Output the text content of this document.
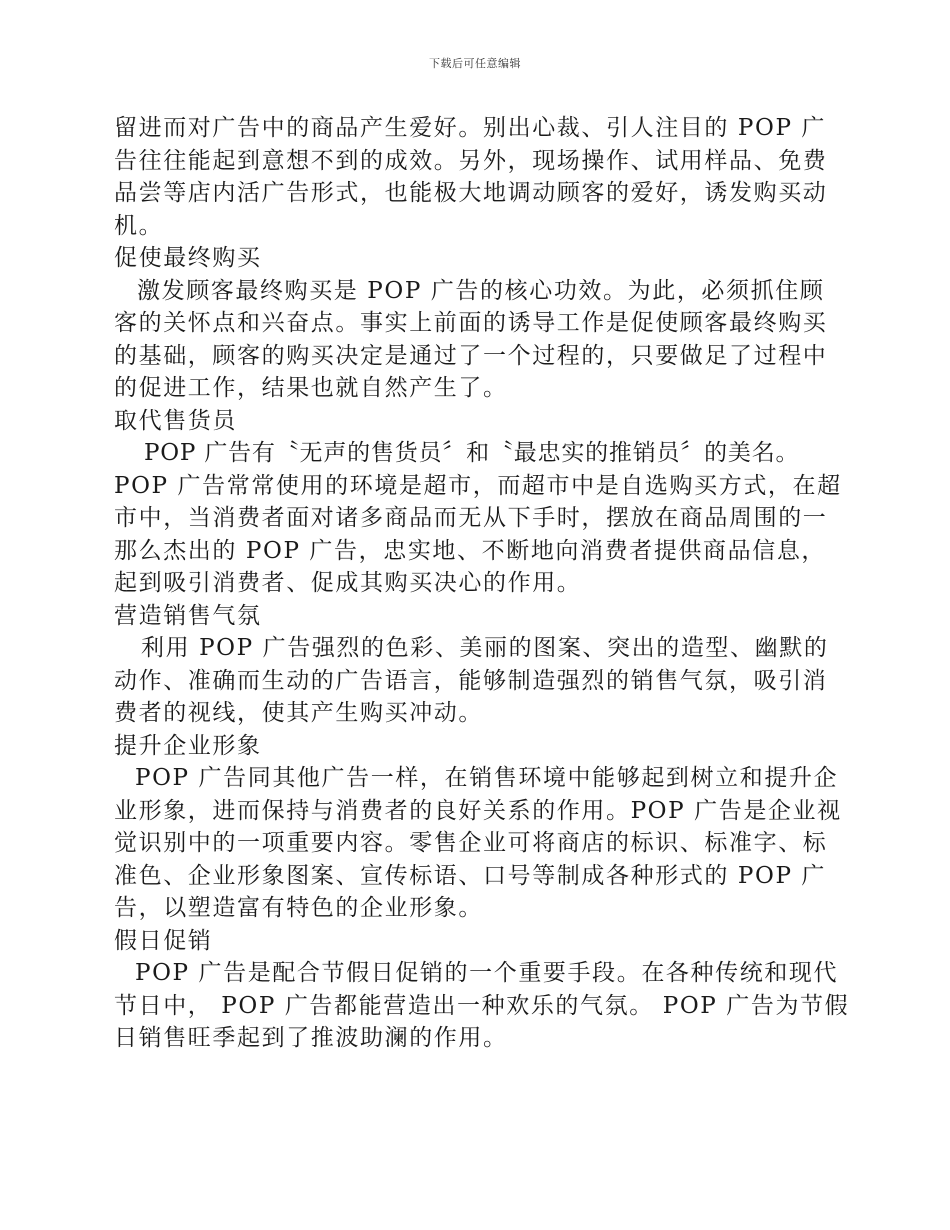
下载后可任意编辑
留进而对广告中的商品产生爱好。别出心裁、引人注目的 POP 广
告往往能起到意想不到的成效。另外，现场操作、试用样品、免费
品尝等店内活广告形式，也能极大地调动顾客的爱好，诱发购买动
机。
促使最终购买
激发顾客最终购买是 POP 广告的核心功效。为此，必须抓住顾
客的关怀点和兴奋点。事实上前面的诱导工作是促使顾客最终购买
的基础，顾客的购买决定是通过了一个过程的，只要做足了过程中
的促进工作，结果也就自然产生了。
取代售货员
POP 广告有〝无声的售货员〞和〝最忠实的推销员〞的美名。
POP 广告常常使用的环境是超市，而超市中是自选购买方式，在超
市中，当消费者面对诸多商品而无从下手时，摆放在商品周围的一
那么杰出的 POP 广告，忠实地、不断地向消费者提供商品信息，
起到吸引消费者、促成其购买决心的作用。
营造销售气氛
利用 POP 广告强烈的色彩、美丽的图案、突出的造型、幽默的
动作、准确而生动的广告语言，能够制造强烈的销售气氛，吸引消
费者的视线，使其产生购买冲动。
提升企业形象
POP 广告同其他广告一样，在销售环境中能够起到树立和提升企
业形象，进而保持与消费者的良好关系的作用。POP 广告是企业视
觉识别中的一项重要内容。零售企业可将商店的标识、标准字、标
准色、企业形象图案、宣传标语、口号等制成各种形式的 POP 广
告，以塑造富有特色的企业形象。
假日促销
POP 广告是配合节假日促销的一个重要手段。在各种传统和现代
节日中， POP 广告都能营造出一种欢乐的气氛。 POP 广告为节假
日销售旺季起到了推波助澜的作用。
